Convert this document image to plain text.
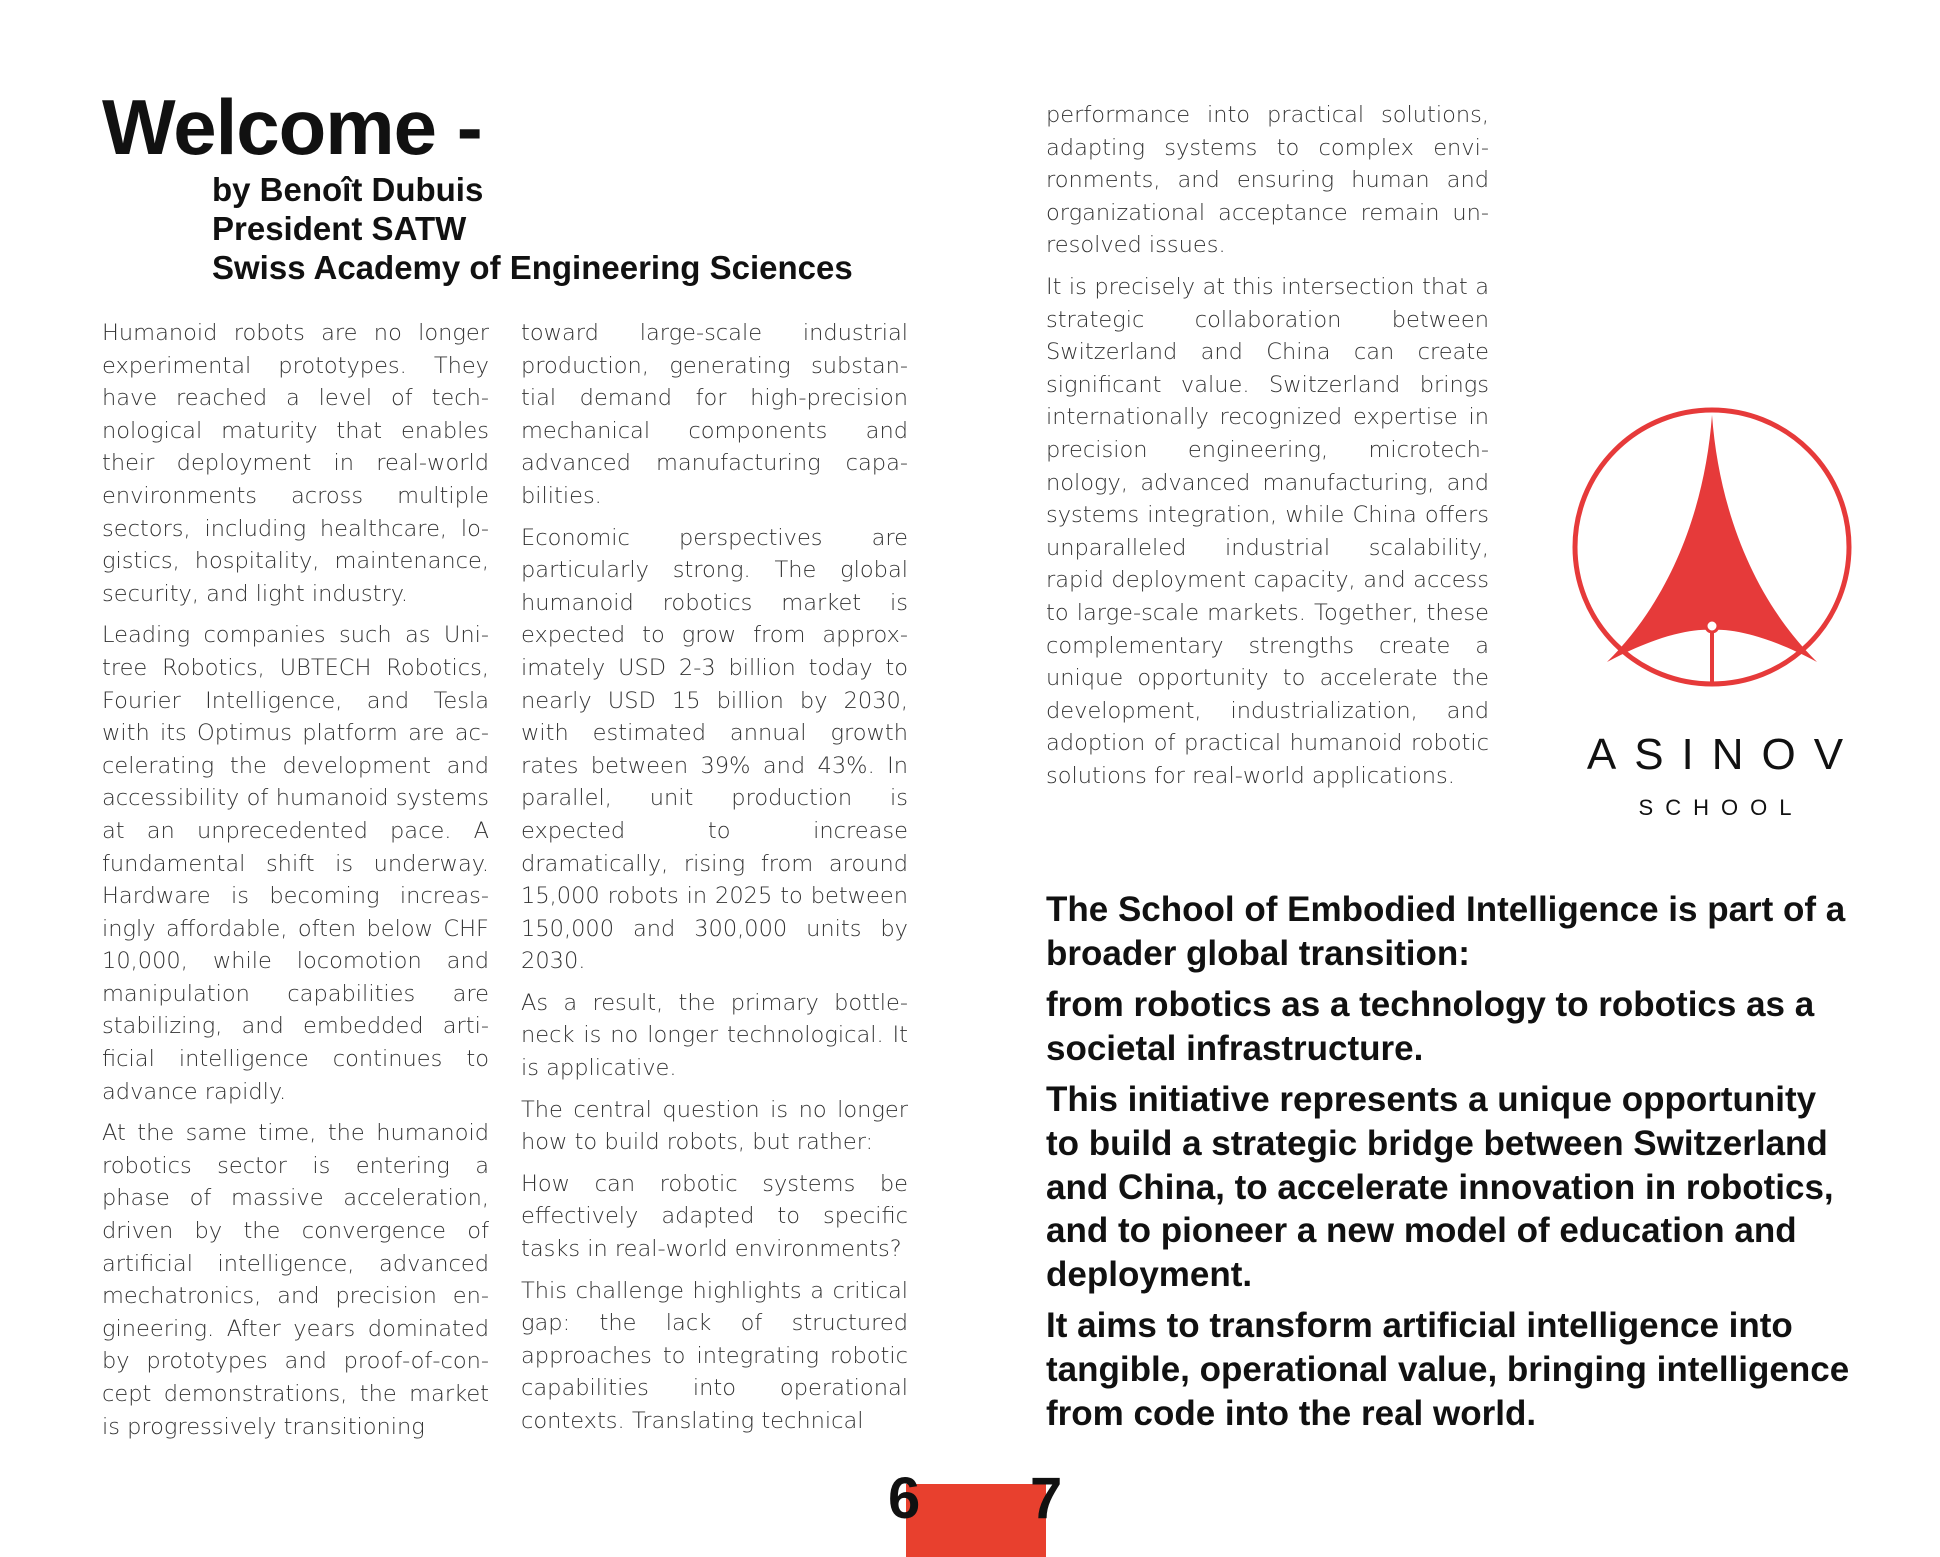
Welcome -
by Benoît Dubuis
President SATW
Swiss Academy of Engineering Sciences

Humanoid robots are no longer experimental prototypes. They have reached a level of technological maturity that enables their deployment in real-world environments across multiple sectors, including healthcare, logistics, hospitality, maintenance, security, and light industry.

Leading companies such as Unitree Robotics, UBTECH Robotics, Fourier Intelligence, and Tesla with its Optimus platform are accelerating the development and accessibility of humanoid systems at an unprecedented pace. A fundamental shift is underway. Hardware is becoming increasingly affordable, often below CHF 10,000, while locomotion and manipulation capabilities are stabilizing, and embedded artificial intelligence continues to advance rapidly.

At the same time, the humanoid robotics sector is entering a phase of massive acceleration, driven by the convergence of artificial intelligence, advanced mechatronics, and precision engineering. After years dominated by prototypes and proof-of-concept demonstrations, the market is progressively transitioning

toward large-scale industrial production, generating substantial demand for high-precision mechanical components and advanced manufacturing capabilities.

Economic perspectives are particularly strong. The global humanoid robotics market is expected to grow from approximately USD 2-3 billion today to nearly USD 15 billion by 2030, with estimated annual growth rates between 39% and 43%. In parallel, unit production is expected to increase dramatically, rising from around 15,000 robots in 2025 to between 150,000 and 300,000 units by 2030.

As a result, the primary bottleneck is no longer technological. It is applicative.

The central question is no longer how to build robots, but rather:

How can robotic systems be effectively adapted to specific tasks in real-world environments?

This challenge highlights a critical gap: the lack of structured approaches to integrating robotic capabilities into operational contexts. Translating technical

performance into practical solutions, adapting systems to complex environments, and ensuring human and organizational acceptance remain unresolved issues.

It is precisely at this intersection that a strategic collaboration between Switzerland and China can create significant value. Switzerland brings internationally recognized expertise in precision engineering, microtechnology, advanced manufacturing, and systems integration, while China offers unparalleled industrial scalability, rapid deployment capacity, and access to large-scale markets. Together, these complementary strengths create a unique opportunity to accelerate the development, industrialization, and adoption of practical humanoid robotic solutions for real-world applications.	ASINOV
SCHOOL

The School of Embodied Intelligence is part of a broader global transition:

from robotics as a technology to robotics as a societal infrastructure.

This initiative represents a unique opportunity to build a strategic bridge between Switzerland and China, to accelerate innovation in robotics, and to pioneer a new model of education and deployment.

It aims to transform artificial intelligence into tangible, operational value, bringing intelligence from code into the real world.

6 7
